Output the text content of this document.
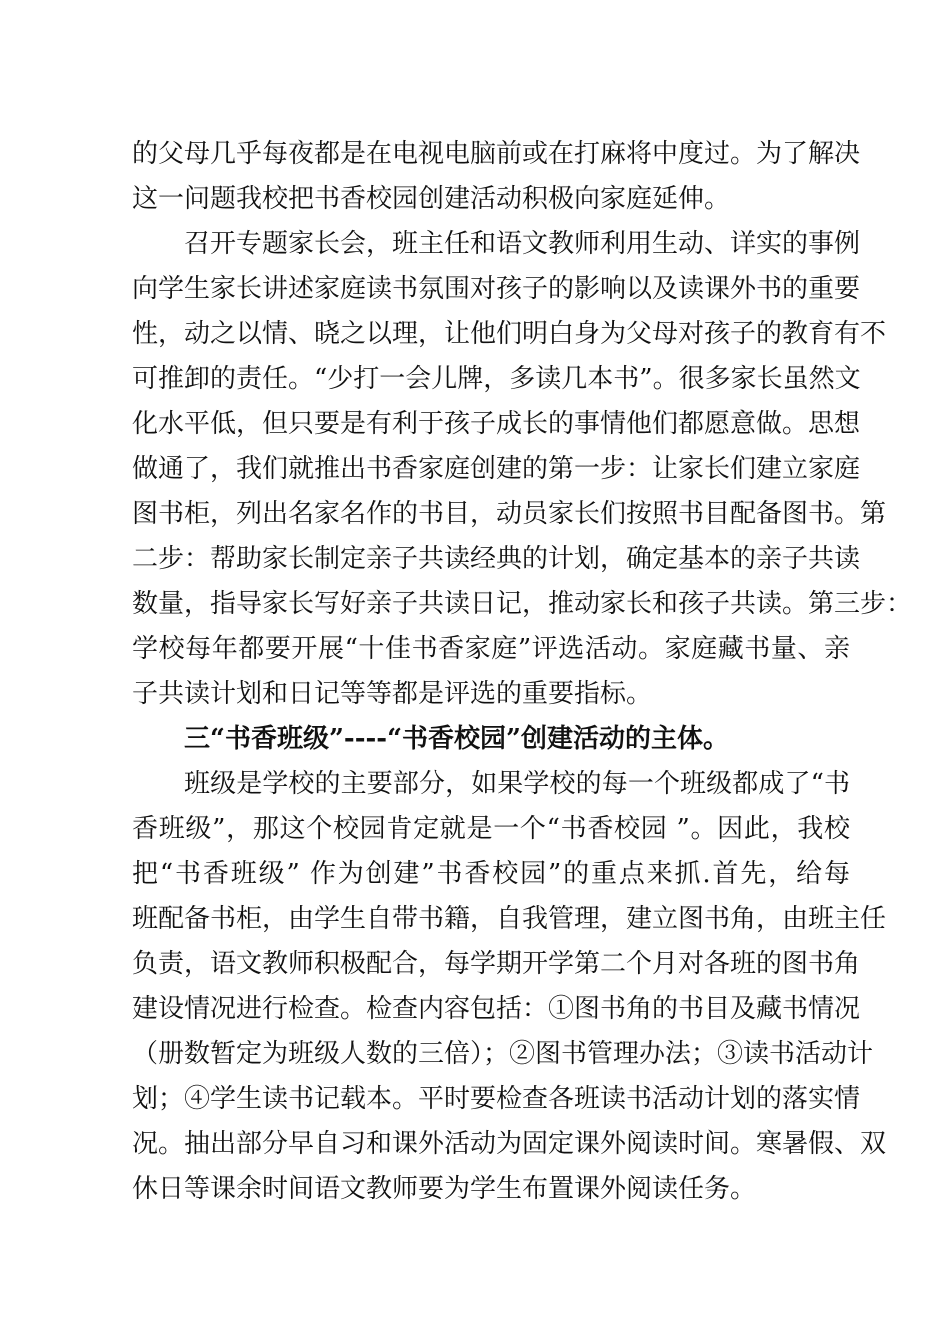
的父母几乎每夜都是在电视电脑前或在打麻将中度过。为了解决
这一问题我校把书香校园创建活动积极向家庭延伸。
召开专题家长会，班主任和语文教师利用生动、详实的事例
向学生家长讲述家庭读书氛围对孩子的影响以及读课外书的重要
性，动之以情、晓之以理，让他们明白身为父母对孩子的教育有不
可推卸的责任。“少打一会儿牌，多读几本书”。很多家长虽然文
化水平低，但只要是有利于孩子成长的事情他们都愿意做。思想
做通了，我们就推出书香家庭创建的第一步：让家长们建立家庭
图书柜，列出名家名作的书目，动员家长们按照书目配备图书。第
二步：帮助家长制定亲子共读经典的计划，确定基本的亲子共读
数量，指导家长写好亲子共读日记，推动家长和孩子共读。第三步：
学校每年都要开展“十佳书香家庭”评选活动。家庭藏书量、亲
子共读计划和日记等等都是评选的重要指标。
三“书香班级”----“书香校园”创建活动的主体。
班级是学校的主要部分，如果学校的每一个班级都成了“书
香班级”，那这个校园肯定就是一个“书香校园 ”。因此，我校
把“书香班级” 作为创建”书香校园”的重点来抓.首先，给每
班配备书柜，由学生自带书籍，自我管理，建立图书角，由班主任
负责，语文教师积极配合，每学期开学第二个月对各班的图书角
建设情况进行检查。检查内容包括：①图书角的书目及藏书情况
（册数暂定为班级人数的三倍）；②图书管理办法；③读书活动计
划；④学生读书记载本。平时要检查各班读书活动计划的落实情
况。抽出部分早自习和课外活动为固定课外阅读时间。寒暑假、双
休日等课余时间语文教师要为学生布置课外阅读任务。
